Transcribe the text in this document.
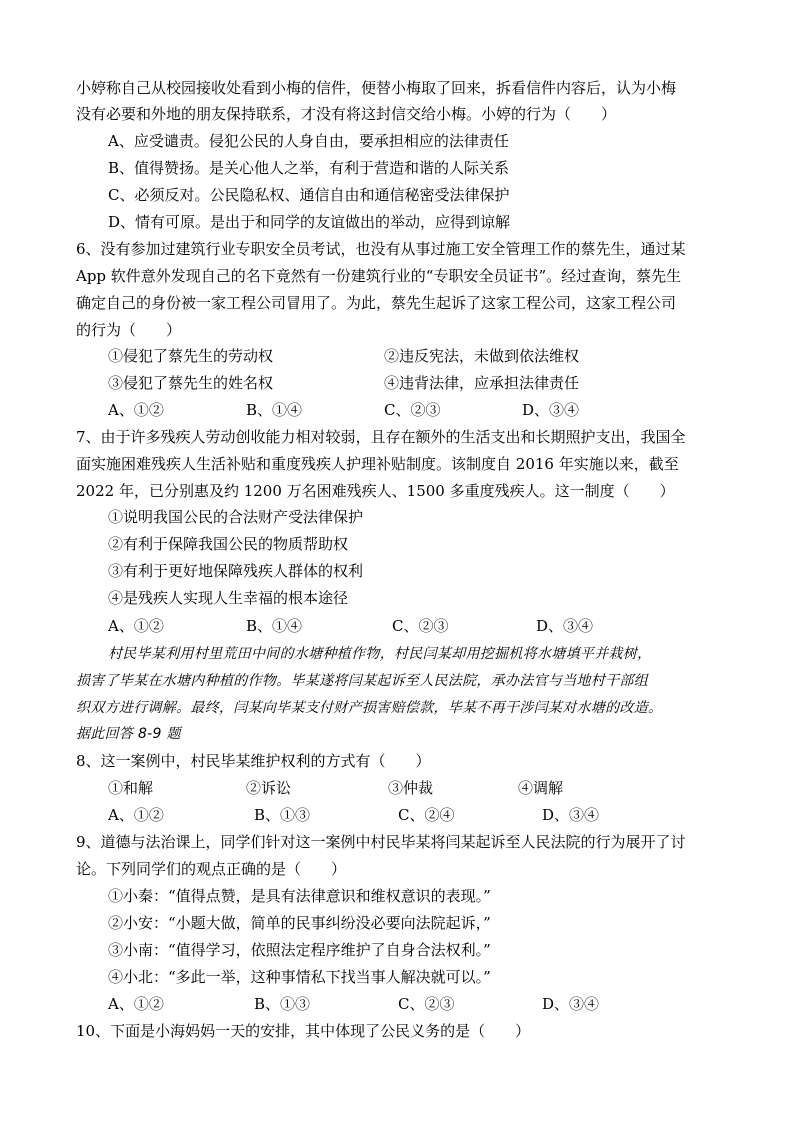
小婷称自己从校园接收处看到小梅的信件，便替小梅取了回来，拆看信件内容后，认为小梅
没有必要和外地的朋友保持联系，才没有将这封信交给小梅。小婷的行为（　　）
A、应受谴责。侵犯公民的人身自由，要承担相应的法律责任
B、值得赞扬。是关心他人之举，有利于营造和谐的人际关系
C、必须反对。公民隐私权、通信自由和通信秘密受法律保护
D、情有可原。是出于和同学的友谊做出的举动，应得到谅解
6、没有参加过建筑行业专职安全员考试，也没有从事过施工安全管理工作的蔡先生，通过某
App 软件意外发现自己的名下竟然有一份建筑行业的“专职安全员证书”。经过查询，蔡先生
确定自己的身份被一家工程公司冒用了。为此，蔡先生起诉了这家工程公司，这家工程公司
的行为（　　）
①侵犯了蔡先生的劳动权	②违反宪法，未做到依法维权
③侵犯了蔡先生的姓名权	④违背法律，应承担法律责任
A、①②	B、①④	C、②③	D、③④
7、由于许多残疾人劳动创收能力相对较弱，且存在额外的生活支出和长期照护支出，我国全
面实施困难残疾人生活补贴和重度残疾人护理补贴制度。该制度自 2016 年实施以来，截至
2022 年，已分别惠及约 1200 万名困难残疾人、1500 多重度残疾人。这一制度（　　）
①说明我国公民的合法财产受法律保护
②有利于保障我国公民的物质帮助权
③有利于更好地保障残疾人群体的权利
④是残疾人实现人生幸福的根本途径
A、①②	B、①④	C、②③	D、③④
村民毕某利用村里荒田中间的水塘种植作物，村民闫某却用挖掘机将水塘填平并栽树，
损害了毕某在水塘内种植的作物。毕某遂将闫某起诉至人民法院，承办法官与当地村干部组
织双方进行调解。最终，闫某向毕某支付财产损害赔偿款，毕某不再干涉闫某对水塘的改造。
据此回答 8-9 题
8、这一案例中，村民毕某维护权利的方式有（　　）
①和解	②诉讼	③仲裁	④调解
A、①②	B、①③	C、②④	D、③④
9、道德与法治课上，同学们针对这一案例中村民毕某将闫某起诉至人民法院的行为展开了讨
论。下列同学们的观点正确的是（　　）
①小秦：“值得点赞，是具有法律意识和维权意识的表现。”
②小安：“小题大做，简单的民事纠纷没必要向法院起诉，”
③小南：“值得学习，依照法定程序维护了自身合法权利。”
④小北：“多此一举，这种事情私下找当事人解决就可以。”
A、①②	B、①③	C、②③	D、③④
10、下面是小海妈妈一天的安排，其中体现了公民义务的是（　　）
